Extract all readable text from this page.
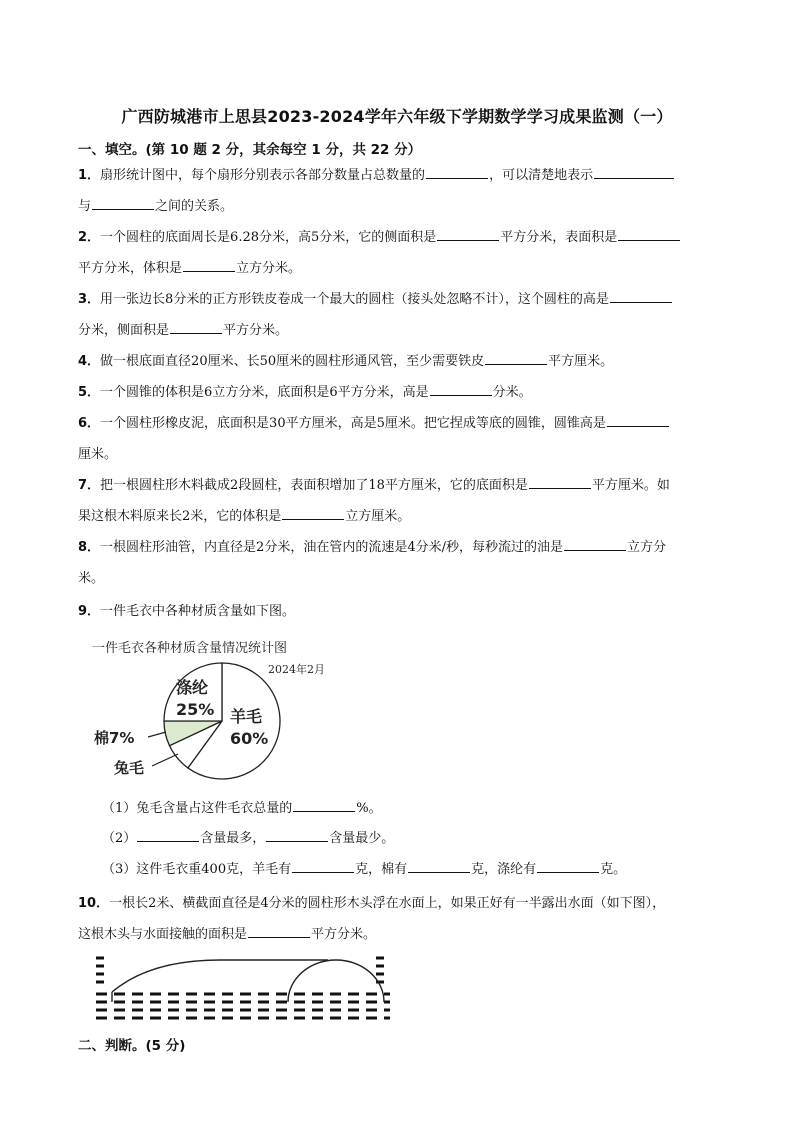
广西防城港市上思县2023-2024学年六年级下学期数学学习成果监测（一）
一、填空。(第 10 题 2 分，其余每空 1 分，共 22 分）
1．扇形统计图中，每个扇形分别表示各部分数量占总数量的	，可以清楚地表示
与	之间的关系。
2．一个圆柱的底面周长是6.28分米，高5分米，它的侧面积是	平方分米，表面积是
平方分米，体积是	立方分米。
3．用一张边长8分米的正方形铁皮卷成一个最大的圆柱（接头处忽略不计），这个圆柱的高是
分米，侧面积是	平方分米。
4．做一根底面直径20厘米、长50厘米的圆柱形通风管，至少需要铁皮	平方厘米。
5．一个圆锥的体积是6立方分米，底面积是6平方分米，高是	分米。
6．一个圆柱形橡皮泥，底面积是30平方厘米，高是5厘米。把它捏成等底的圆锥，圆锥高是
厘米。
7．把一根圆柱形木料截成2段圆柱，表面积增加了18平方厘米，它的底面积是	平方厘米。如
果这根木料原来长2米，它的体积是	立方厘米。
8．一根圆柱形油管，内直径是2分米，油在管内的流速是4分米/秒，每秒流过的油是	立方分
米。
9．一件毛衣中各种材质含量如下图。
一件毛衣各种材质含量情况统计图
2024年2月
涤纶 25% 羊毛 60%
棉7%
兔毛
（1）兔毛含量占这件毛衣总量的	%。
（2）	含量最多，	含量最少。
（3）这件毛衣重400克，羊毛有	克，棉有	克，涤纶有	克。
10．一根长2米、横截面直径是4分米的圆柱形木头浮在水面上，如果正好有一半露出水面（如下图），
这根木头与水面接触的面积是	平方分米。
二、判断。(5 分)
